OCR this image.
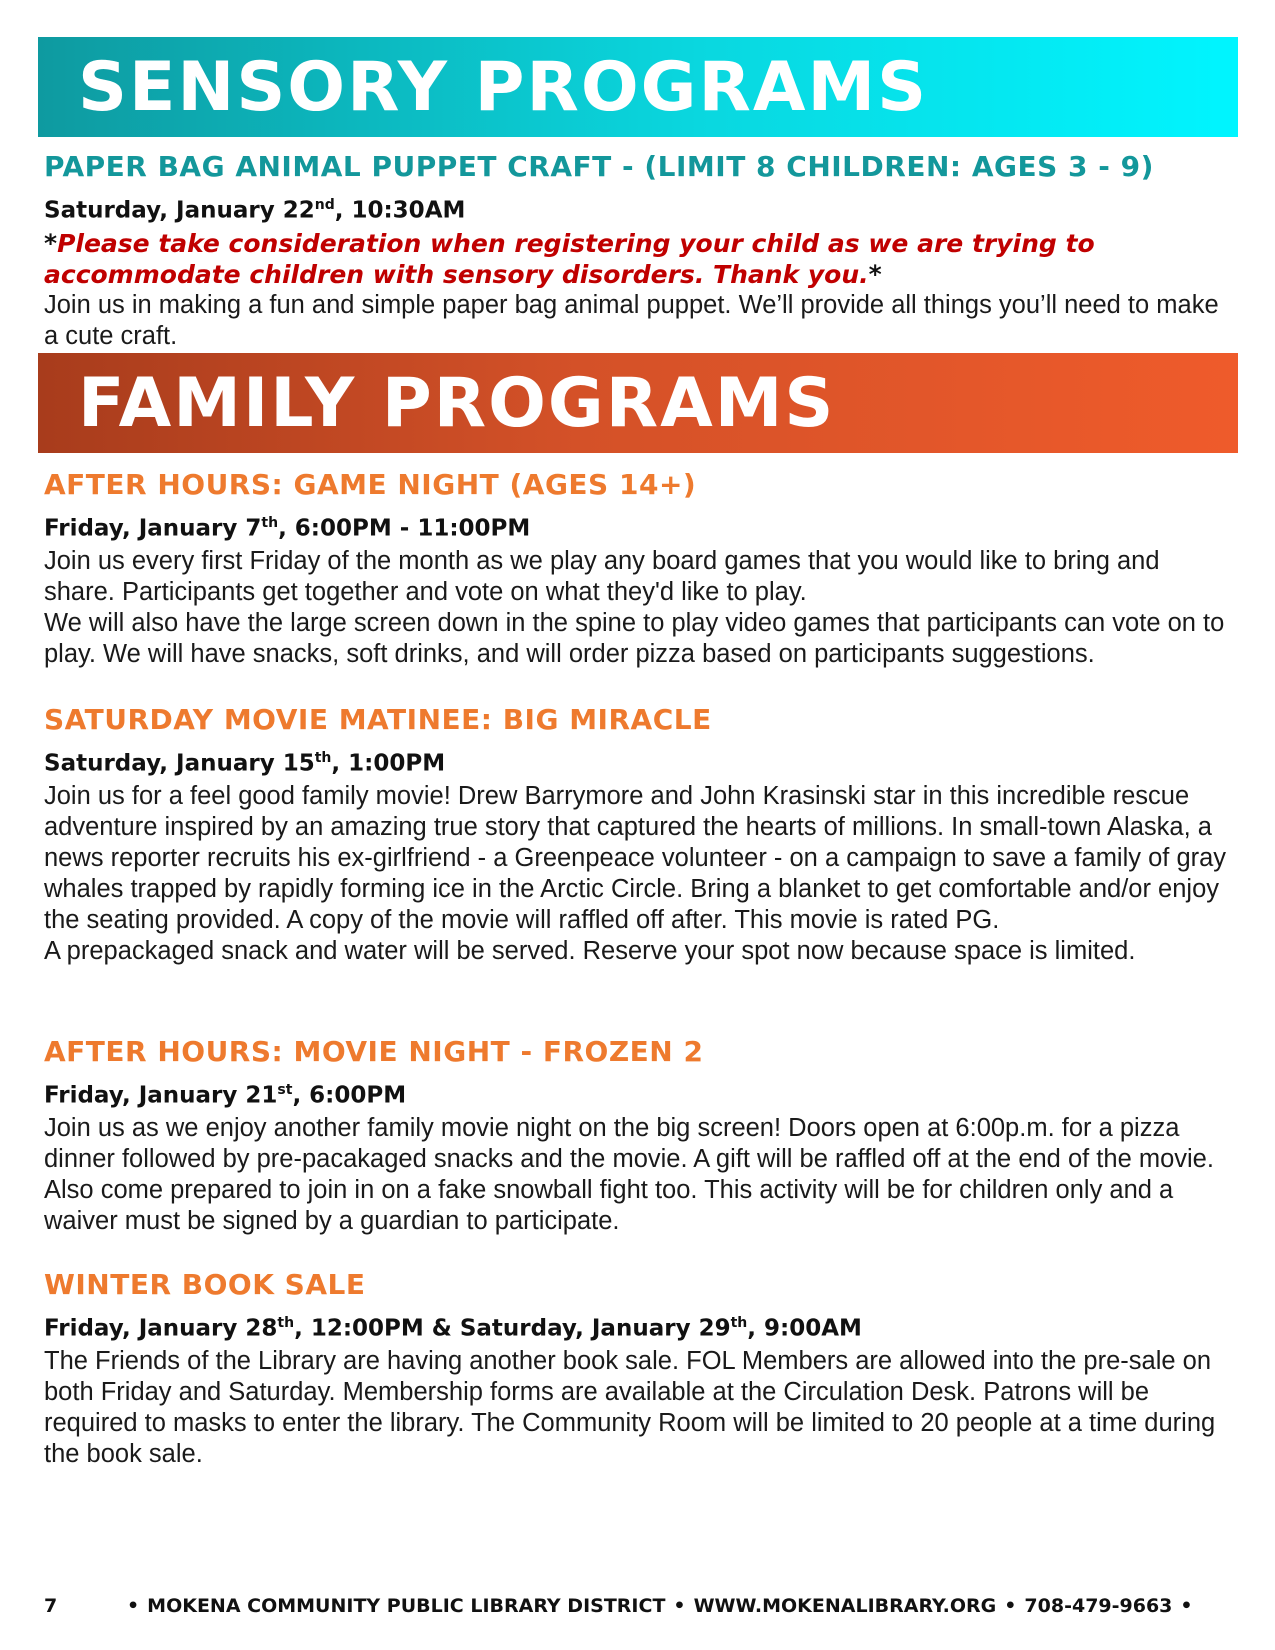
SENSORY PROGRAMS
PAPER BAG ANIMAL PUPPET CRAFT - (LIMIT 8 CHILDREN: AGES 3 - 9)
Saturday, January 22nd, 10:30AM

*Please take consideration when registering your child as we are trying to accommodate children with sensory disorders. Thank you.*

Join us in making a fun and simple paper bag animal puppet. We’ll provide all things you’ll need to make a cute craft.

FAMILY PROGRAMS
AFTER HOURS: GAME NIGHT (AGES 14+)
Friday, January 7th, 6:00PM - 11:00PM

Join us every first Friday of the month as we play any board games that you would like to bring and share. Participants get together and vote on what they'd like to play.

We will also have the large screen down in the spine to play video games that participants can vote on to play. We will have snacks, soft drinks, and will order pizza based on participants suggestions.

SATURDAY MOVIE MATINEE: BIG MIRACLE
Saturday, January 15th, 1:00PM

Join us for a feel good family movie! Drew Barrymore and John Krasinski star in this incredible rescue adventure inspired by an amazing true story that captured the hearts of millions. In small-town Alaska, a news reporter recruits his ex-girlfriend - a Greenpeace volunteer - on a campaign to save a family of gray whales trapped by rapidly forming ice in the Arctic Circle. Bring a blanket to get comfortable and/or enjoy the seating provided. A copy of the movie will raffled off after. This movie is rated PG.

A prepackaged snack and water will be served. Reserve your spot now because space is limited.

AFTER HOURS: MOVIE NIGHT - FROZEN 2
Friday, January 21st, 6:00PM

Join us as we enjoy another family movie night on the big screen! Doors open at 6:00p.m. for a pizza dinner followed by pre-pacakaged snacks and the movie. A gift will be raffled off at the end of the movie.

Also come prepared to join in on a fake snowball fight too. This activity will be for children only and a waiver must be signed by a guardian to participate.

WINTER BOOK SALE
Friday, January 28th, 12:00PM & Saturday, January 29th, 9:00AM

The Friends of the Library are having another book sale. FOL Members are allowed into the pre-sale on both Friday and Saturday. Membership forms are available at the Circulation Desk. Patrons will be required to masks to enter the library. The Community Room will be limited to 20 people at a time during the book sale.

7	• MOKENA COMMUNITY PUBLIC LIBRARY DISTRICT • WWW.MOKENALIBRARY.ORG • 708-479-9663 •
